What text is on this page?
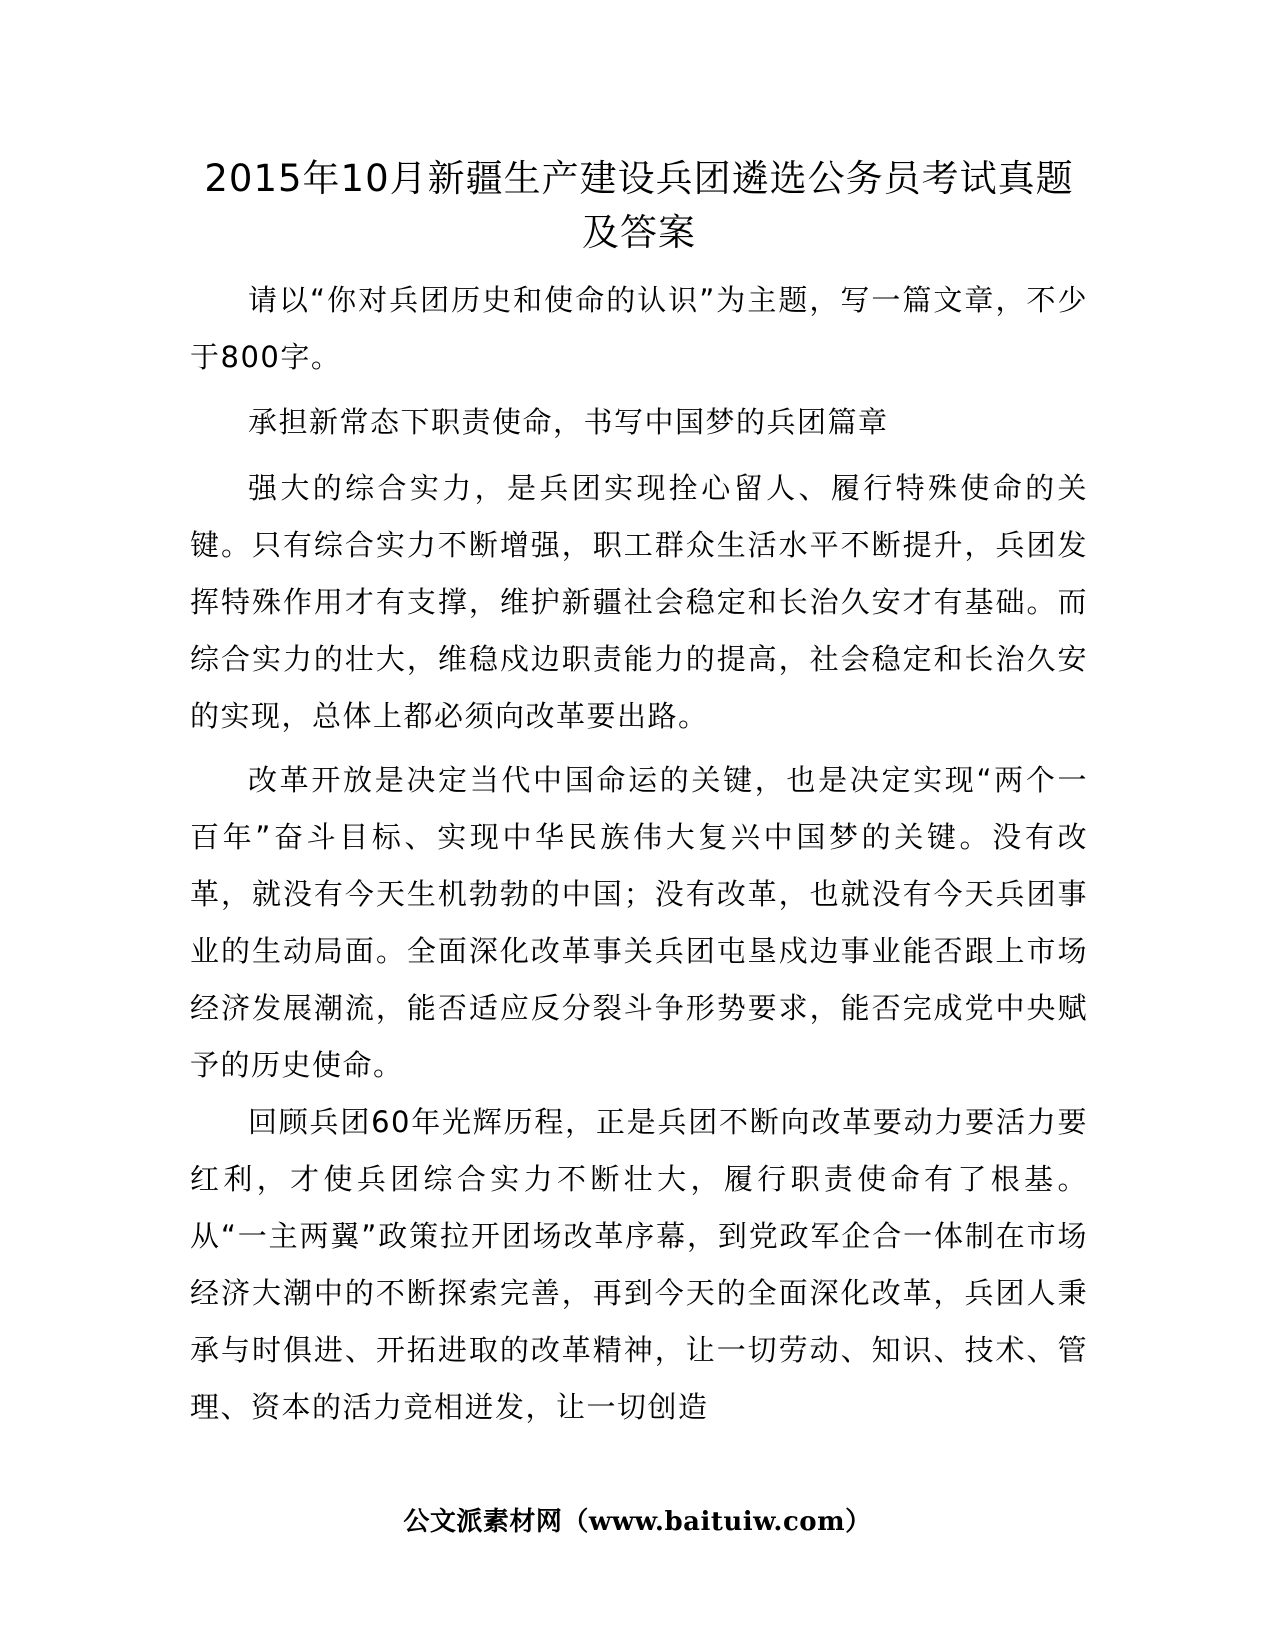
2015年10月新疆生产建设兵团遴选公务员考试真题及答案

请以“你对兵团历史和使命的认识”为主题，写一篇文章，不少于800字。

承担新常态下职责使命，书写中国梦的兵团篇章

强大的综合实力，是兵团实现拴心留人、履行特殊使命的关键。只有综合实力不断增强，职工群众生活水平不断提升，兵团发挥特殊作用才有支撑，维护新疆社会稳定和长治久安才有基础。而综合实力的壮大，维稳戍边职责能力的提高，社会稳定和长治久安的实现，总体上都必须向改革要出路。

改革开放是决定当代中国命运的关键，也是决定实现“两个一百年”奋斗目标、实现中华民族伟大复兴中国梦的关键。没有改革，就没有今天生机勃勃的中国；没有改革，也就没有今天兵团事业的生动局面。全面深化改革事关兵团屯垦戍边事业能否跟上市场经济发展潮流，能否适应反分裂斗争形势要求，能否完成党中央赋予的历史使命。

回顾兵团60年光辉历程，正是兵团不断向改革要动力要活力要红利，才使兵团综合实力不断壮大，履行职责使命有了根基。从“一主两翼”政策拉开团场改革序幕，到党政军企合一体制在市场经济大潮中的不断探索完善，再到今天的全面深化改革，兵团人秉承与时俱进、开拓进取的改革精神，让一切劳动、知识、技术、管理、资本的活力竞相迸发，让一切创造

公文派素材网（www.baituiw.com）
